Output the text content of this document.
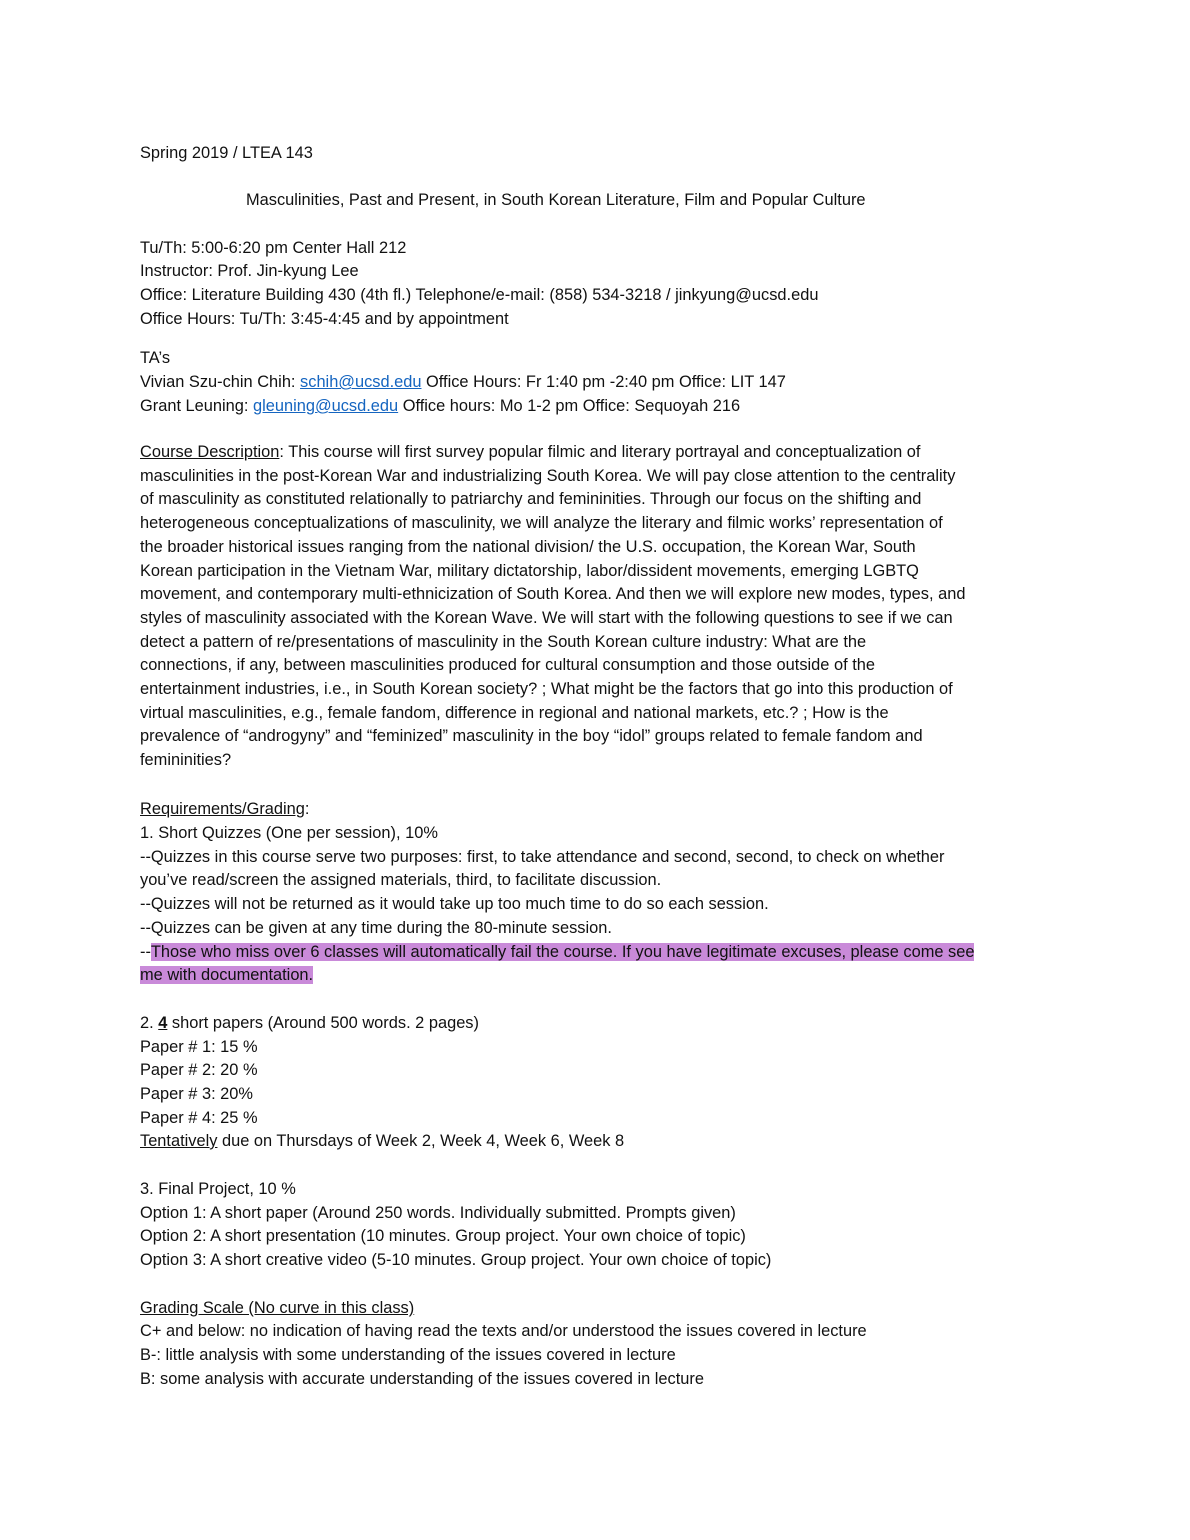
Spring 2019 / LTEA 143
Masculinities, Past and Present, in South Korean Literature, Film and Popular Culture
Tu/Th: 5:00-6:20 pm Center Hall 212
Instructor: Prof. Jin-kyung Lee
Office: Literature Building 430 (4th fl.) Telephone/e-mail: (858) 534-3218 / jinkyung@ucsd.edu
Office Hours: Tu/Th: 3:45-4:45 and by appointment
TA’s
Vivian Szu-chin Chih: schih@ucsd.edu Office Hours: Fr 1:40 pm -2:40 pm Office: LIT 147
Grant Leuning: gleuning@ucsd.edu Office hours: Mo 1-2 pm Office: Sequoyah 216
Course Description: This course will first survey popular filmic and literary portrayal and conceptualization of
masculinities in the post-Korean War and industrializing South Korea. We will pay close attention to the centrality
of masculinity as constituted relationally to patriarchy and femininities. Through our focus on the shifting and
heterogeneous conceptualizations of masculinity, we will analyze the literary and filmic works’ representation of
the broader historical issues ranging from the national division/ the U.S. occupation, the Korean War, South
Korean participation in the Vietnam War, military dictatorship, labor/dissident movements, emerging LGBTQ
movement, and contemporary multi-ethnicization of South Korea. And then we will explore new modes, types, and
styles of masculinity associated with the Korean Wave. We will start with the following questions to see if we can
detect a pattern of re/presentations of masculinity in the South Korean culture industry: What are the
connections, if any, between masculinities produced for cultural consumption and those outside of the
entertainment industries, i.e., in South Korean society? ; What might be the factors that go into this production of
virtual masculinities, e.g., female fandom, difference in regional and national markets, etc.? ; How is the
prevalence of “androgyny” and “feminized” masculinity in the boy “idol” groups related to female fandom and
femininities?
Requirements/Grading:
1. Short Quizzes (One per session), 10%
--Quizzes in this course serve two purposes: first, to take attendance and second, second, to check on whether
you’ve read/screen the assigned materials, third, to facilitate discussion.
--Quizzes will not be returned as it would take up too much time to do so each session.
--Quizzes can be given at any time during the 80-minute session.
--Those who miss over 6 classes will automatically fail the course. If you have legitimate excuses, please come see
me with documentation.
2. 4 short papers (Around 500 words. 2 pages)
Paper # 1: 15 %
Paper # 2: 20 %
Paper # 3: 20%
Paper # 4: 25 %
Tentatively due on Thursdays of Week 2, Week 4, Week 6, Week 8
3. Final Project, 10 %
Option 1: A short paper (Around 250 words. Individually submitted. Prompts given)
Option 2: A short presentation (10 minutes. Group project. Your own choice of topic)
Option 3: A short creative video (5-10 minutes. Group project. Your own choice of topic)
Grading Scale (No curve in this class)
C+ and below: no indication of having read the texts and/or understood the issues covered in lecture
B-: little analysis with some understanding of the issues covered in lecture
B: some analysis with accurate understanding of the issues covered in lecture
